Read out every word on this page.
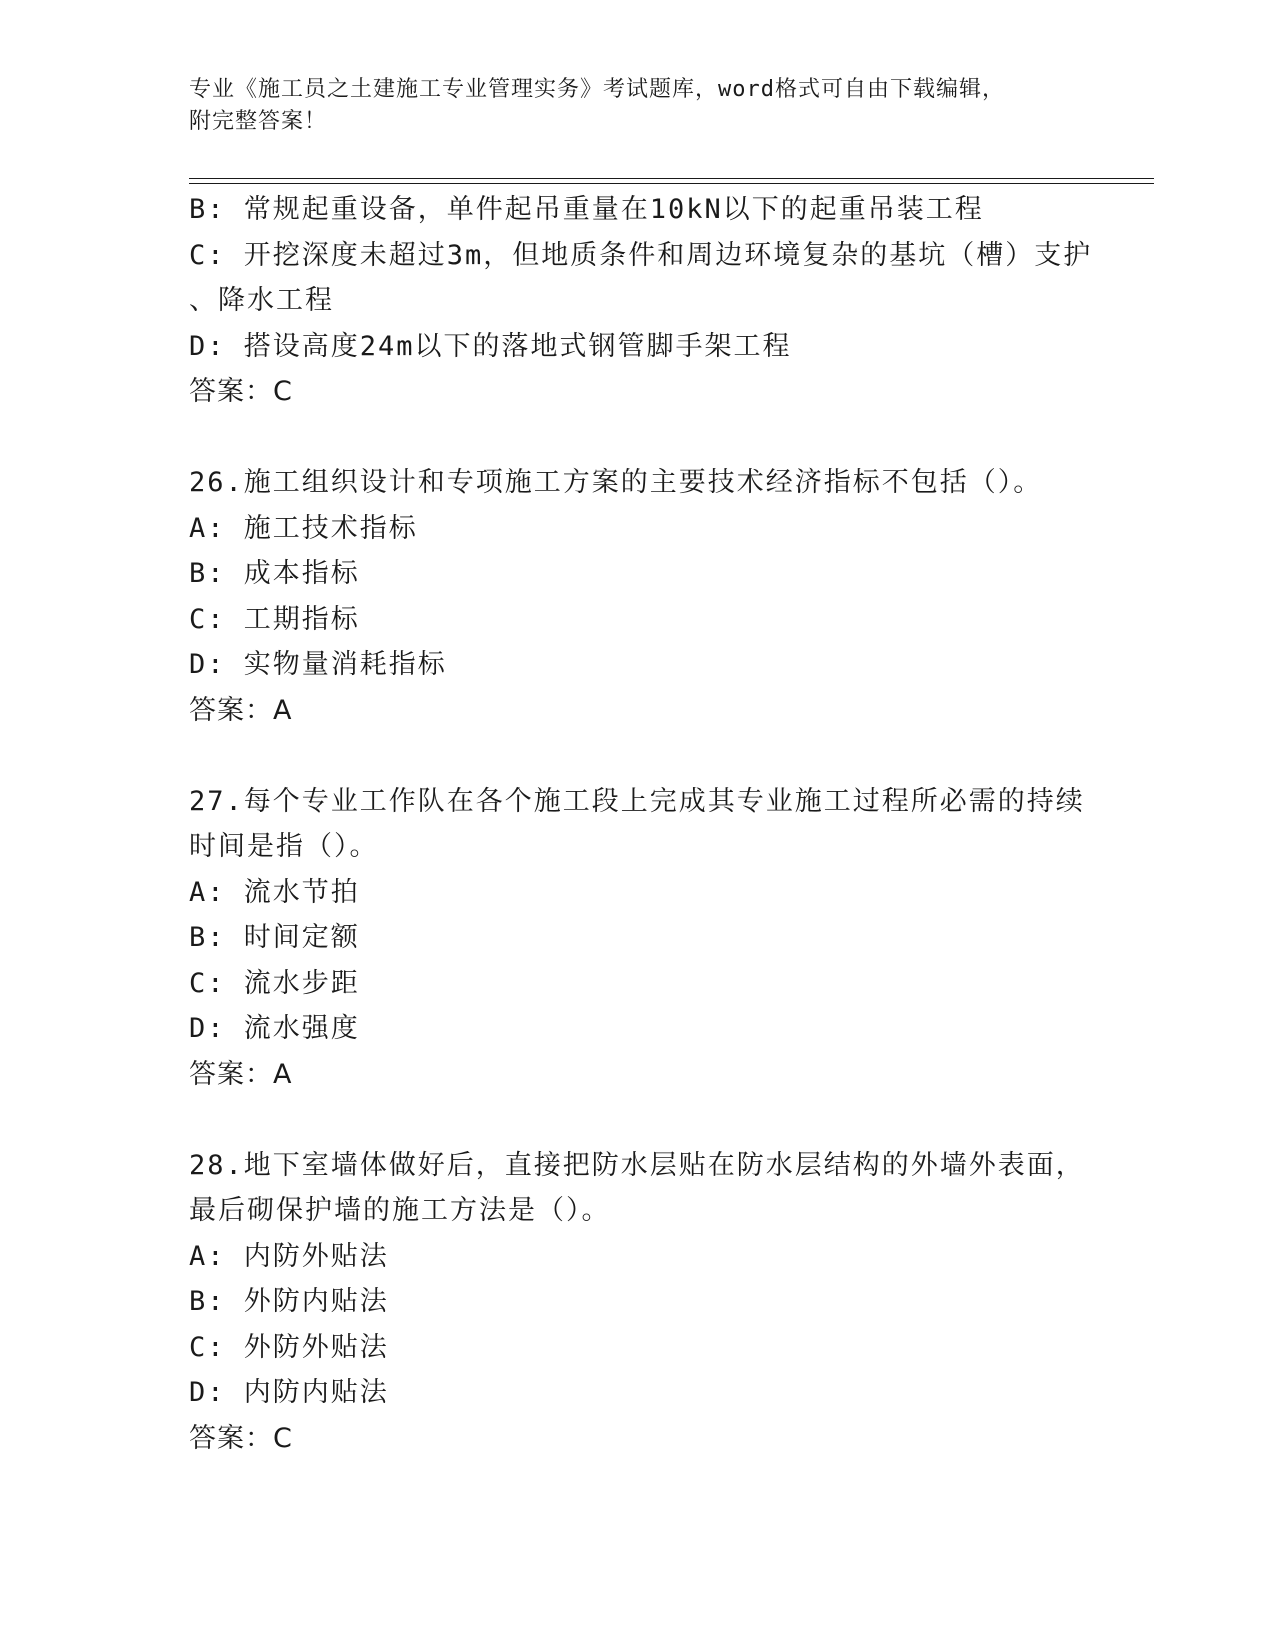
专业《施工员之土建施工专业管理实务》考试题库，word格式可自由下载编辑，
附完整答案！
B: 常规起重设备，单件起吊重量在10kN以下的起重吊装工程
C: 开挖深度未超过3m，但地质条件和周边环境复杂的基坑（槽）支护
、降水工程
D: 搭设高度24m以下的落地式钢管脚手架工程
答案：C
26.施工组织设计和专项施工方案的主要技术经济指标不包括（）。
A: 施工技术指标
B: 成本指标
C: 工期指标
D: 实物量消耗指标
答案：A
27.每个专业工作队在各个施工段上完成其专业施工过程所必需的持续
时间是指（）。
A: 流水节拍
B: 时间定额
C: 流水步距
D: 流水强度
答案：A
28.地下室墙体做好后，直接把防水层贴在防水层结构的外墙外表面，
最后砌保护墙的施工方法是（）。
A: 内防外贴法
B: 外防内贴法
C: 外防外贴法
D: 内防内贴法
答案：C
